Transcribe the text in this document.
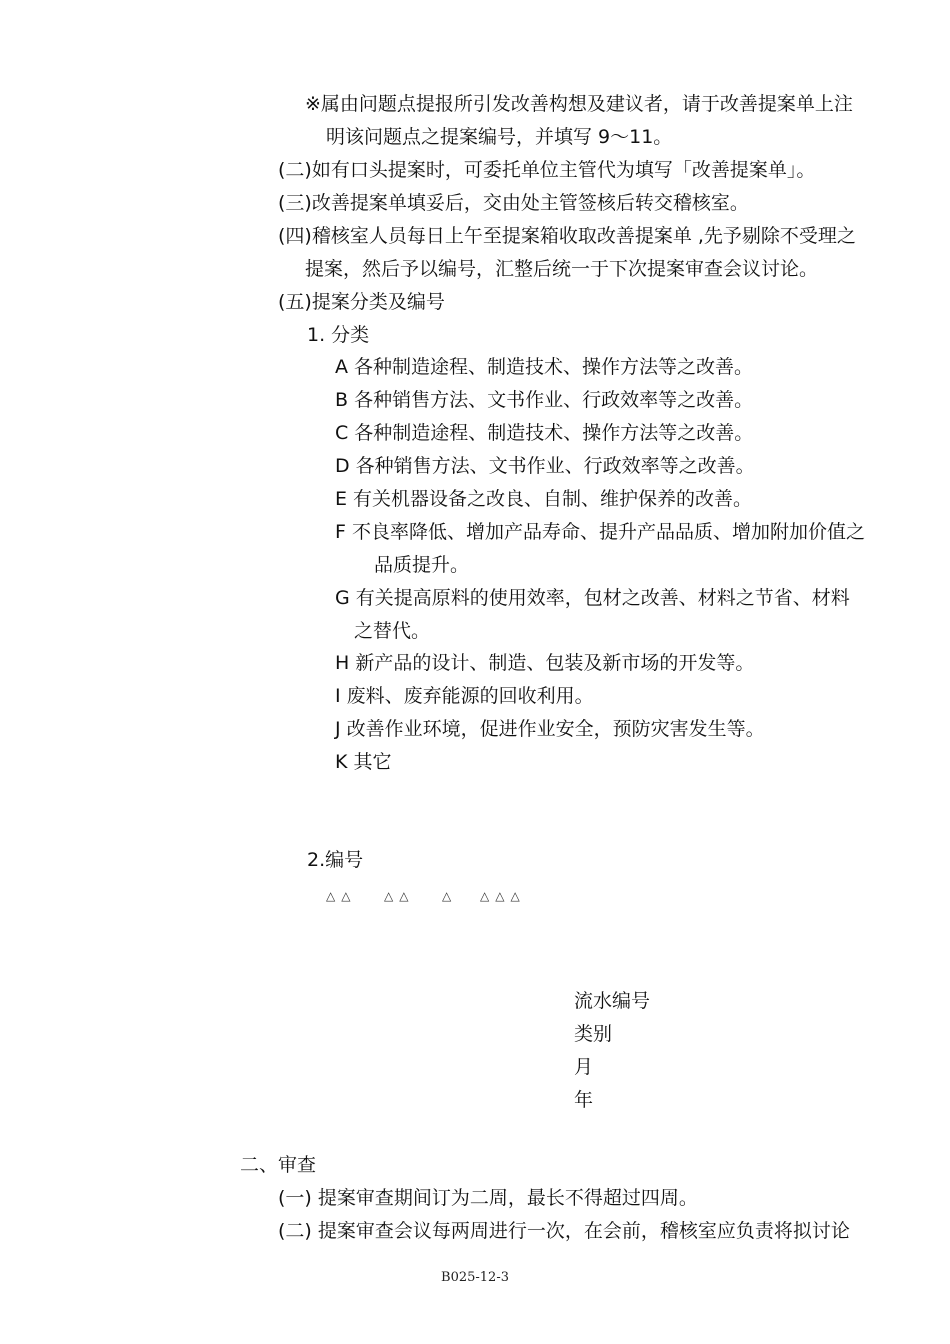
※属由问题点提报所引发改善构想及建议者，请于改善提案单上注
明该问题点之提案编号，并填写 9～11。
(二)如有口头提案时，可委托单位主管代为填写「改善提案单」。
(三)改善提案单填妥后，交由处主管签核后转交稽核室。
(四)稽核室人员每日上午至提案箱收取改善提案单 ,先予剔除不受理之
提案，然后予以编号，汇整后统一于下次提案审查会议讨论。
(五)提案分类及编号
1. 分类
A 各种制造途程、制造技术、操作方法等之改善。
B 各种销售方法、文书作业、行政效率等之改善。
C 各种制造途程、制造技术、操作方法等之改善。
D 各种销售方法、文书作业、行政效率等之改善。
E 有关机器设备之改良、自制、维护保养的改善。
F 不良率降低、增加产品寿命、提升产品品质、增加附加价值之
品质提升。
G 有关提高原料的使用效率，包材之改善、材料之节省、材料
之替代。
H 新产品的设计、制造、包装及新市场的开发等。
I 废料、废弃能源的回收利用。
J 改善作业环境，促进作业安全，预防灾害发生等。
K 其它
2.编号
△△ △△ △ △△△
流水编号
类别
月
年
二、审查
(一) 提案审查期间订为二周，最长不得超过四周。
(二) 提案审查会议每两周进行一次，在会前，稽核室应负责将拟讨论
B025-12-3
